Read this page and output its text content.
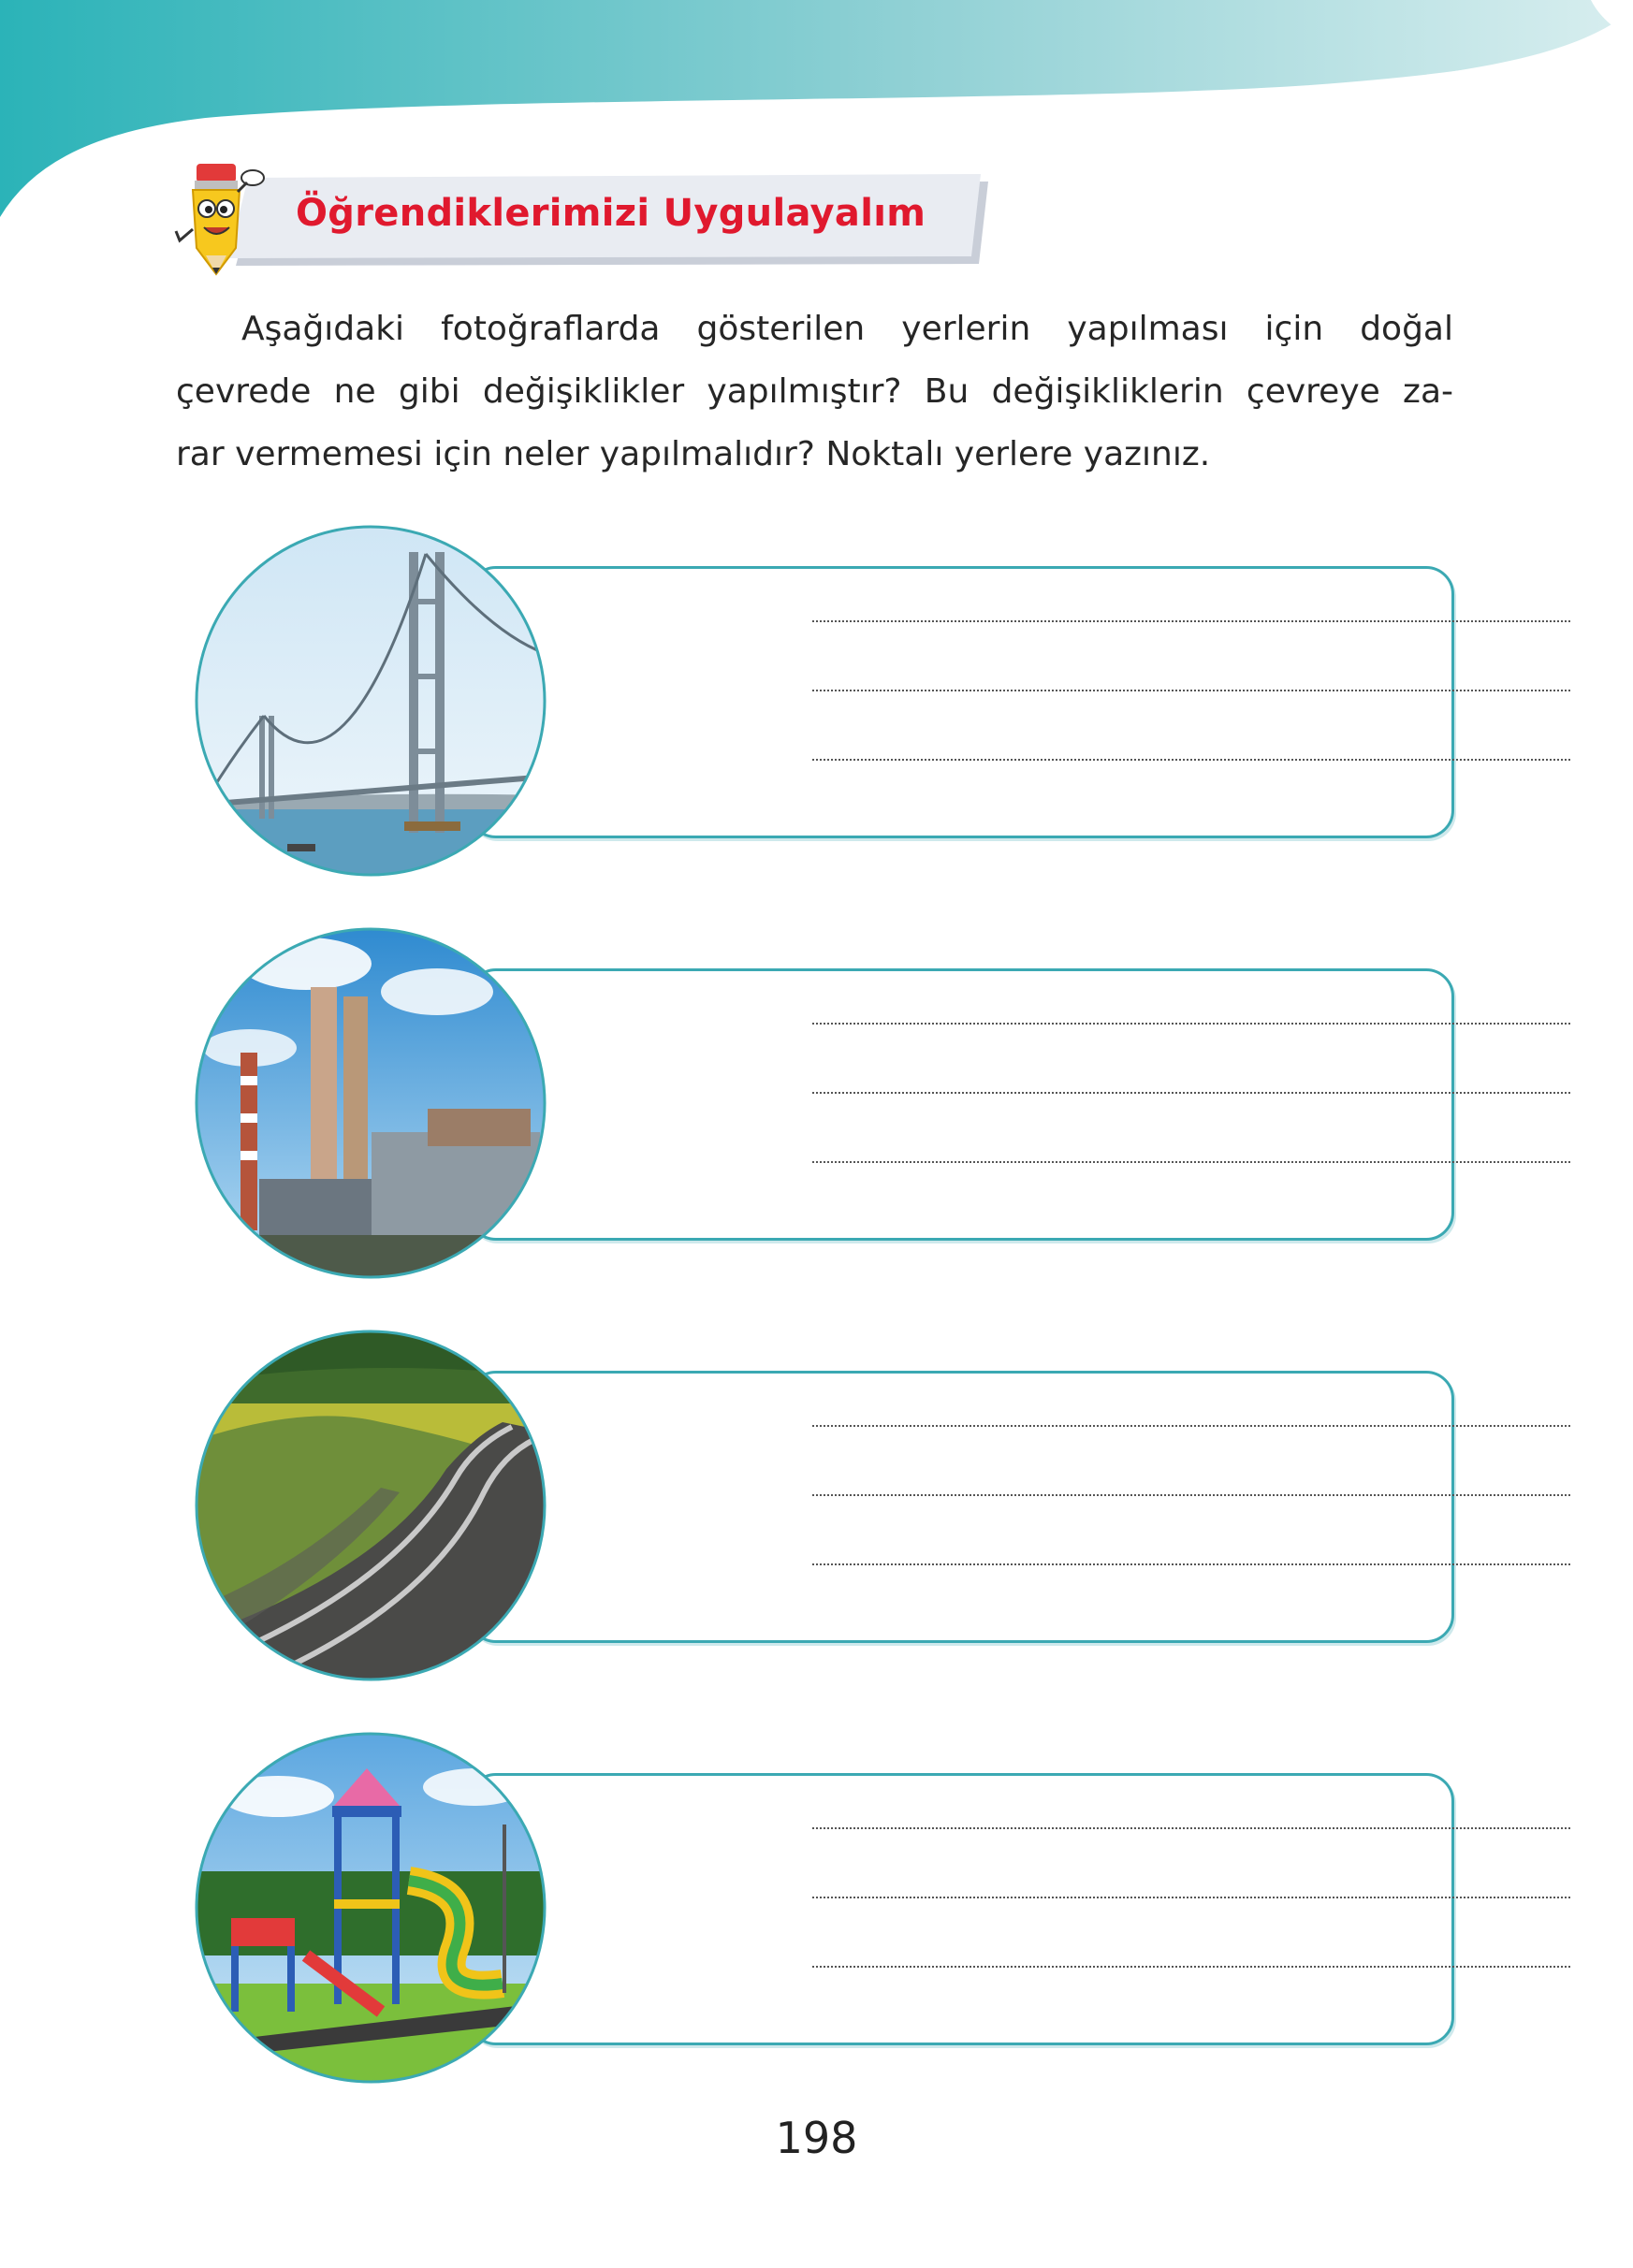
Öğrendiklerimizi Uygulayalım
Aşağıdaki fotoğraflarda gösterilen yerlerin yapılması için doğal
çevrede ne gibi değişiklikler yapılmıştır? Bu değişikliklerin çevreye za-
rar vermemesi için neler yapılmalıdır? Noktalı yerlere yazınız.
198
